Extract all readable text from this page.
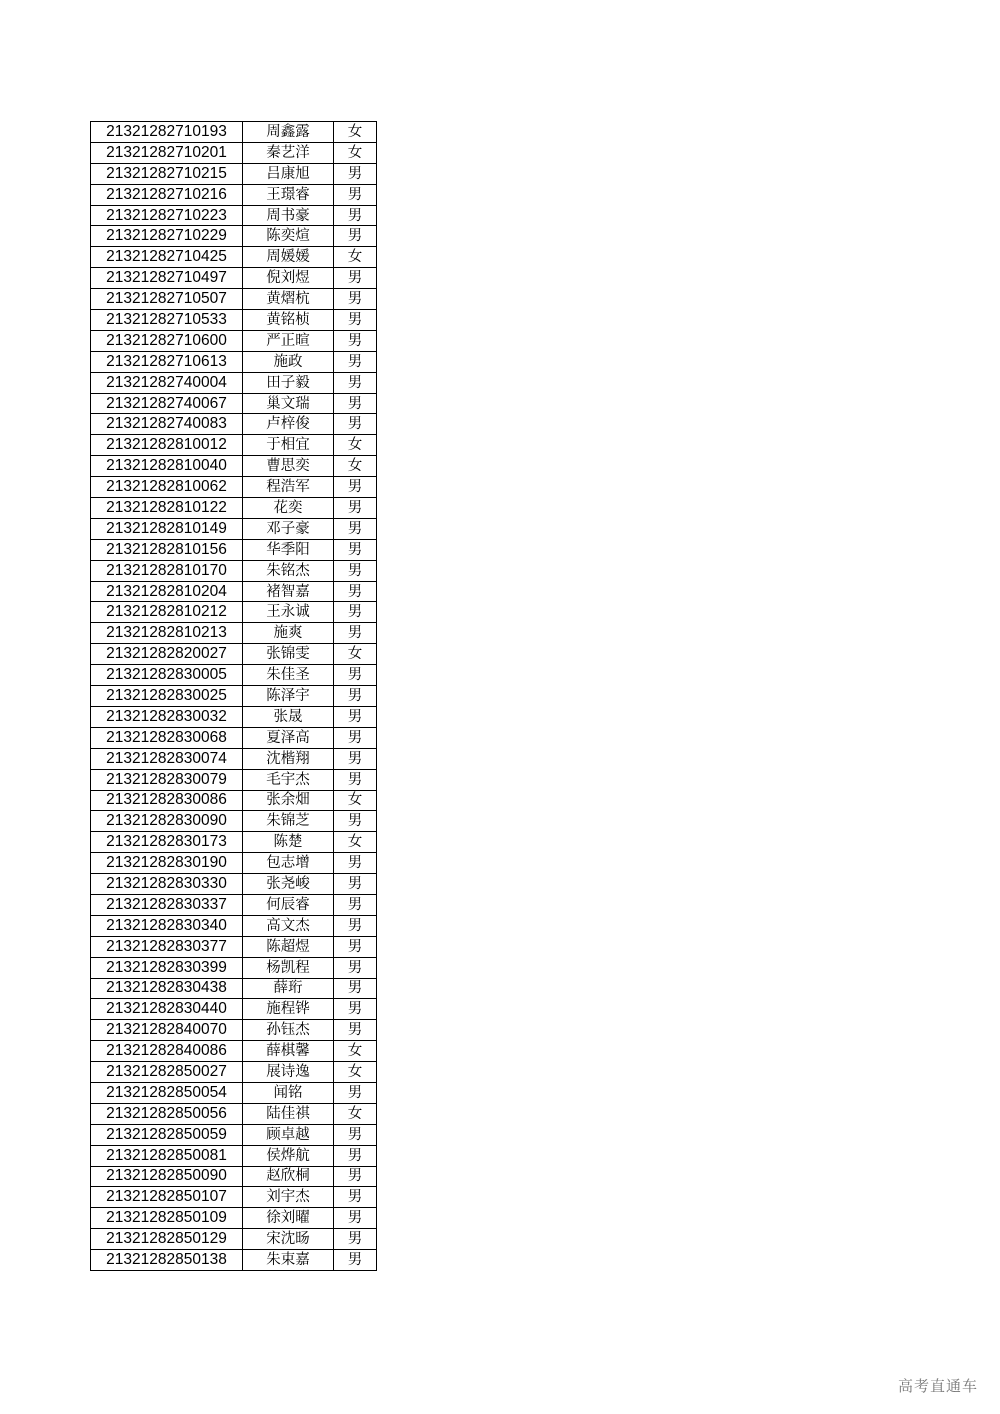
21321282710193	周鑫露	女
21321282710201	秦艺洋	女
21321282710215	吕康旭	男
21321282710216	王璟睿	男
21321282710223	周书豪	男
21321282710229	陈奕煊	男
21321282710425	周媛媛	女
21321282710497	倪刘煜	男
21321282710507	黄熠杭	男
21321282710533	黄铭桢	男
21321282710600	严正暄	男
21321282710613	施政	男
21321282740004	田子毅	男
21321282740067	巢文瑞	男
21321282740083	卢梓俊	男
21321282810012	于相宜	女
21321282810040	曹思奕	女
21321282810062	程浩军	男
21321282810122	花奕	男
21321282810149	邓子豪	男
21321282810156	华季阳	男
21321282810170	朱铭杰	男
21321282810204	褚智嘉	男
21321282810212	王永诚	男
21321282810213	施爽	男
21321282820027	张锦雯	女
21321282830005	朱佳圣	男
21321282830025	陈泽宇	男
21321282830032	张晟	男
21321282830068	夏泽高	男
21321282830074	沈楷翔	男
21321282830079	毛宇杰	男
21321282830086	张余畑	女
21321282830090	朱锦芝	男
21321282830173	陈楚	女
21321282830190	包志增	男
21321282830330	张尧峻	男
21321282830337	何辰睿	男
21321282830340	高文杰	男
21321282830377	陈超煜	男
21321282830399	杨凯程	男
21321282830438	薛珩	男
21321282830440	施程铧	男
21321282840070	孙钰杰	男
21321282840086	薛棋馨	女
21321282850027	展诗逸	女
21321282850054	闻铭	男
21321282850056	陆佳祺	女
21321282850059	顾卓越	男
21321282850081	侯烨航	男
21321282850090	赵欣桐	男
21321282850107	刘宇杰	男
21321282850109	徐刘曜	男
21321282850129	宋沈旸	男
21321282850138	朱束嘉	男
高考直通车
